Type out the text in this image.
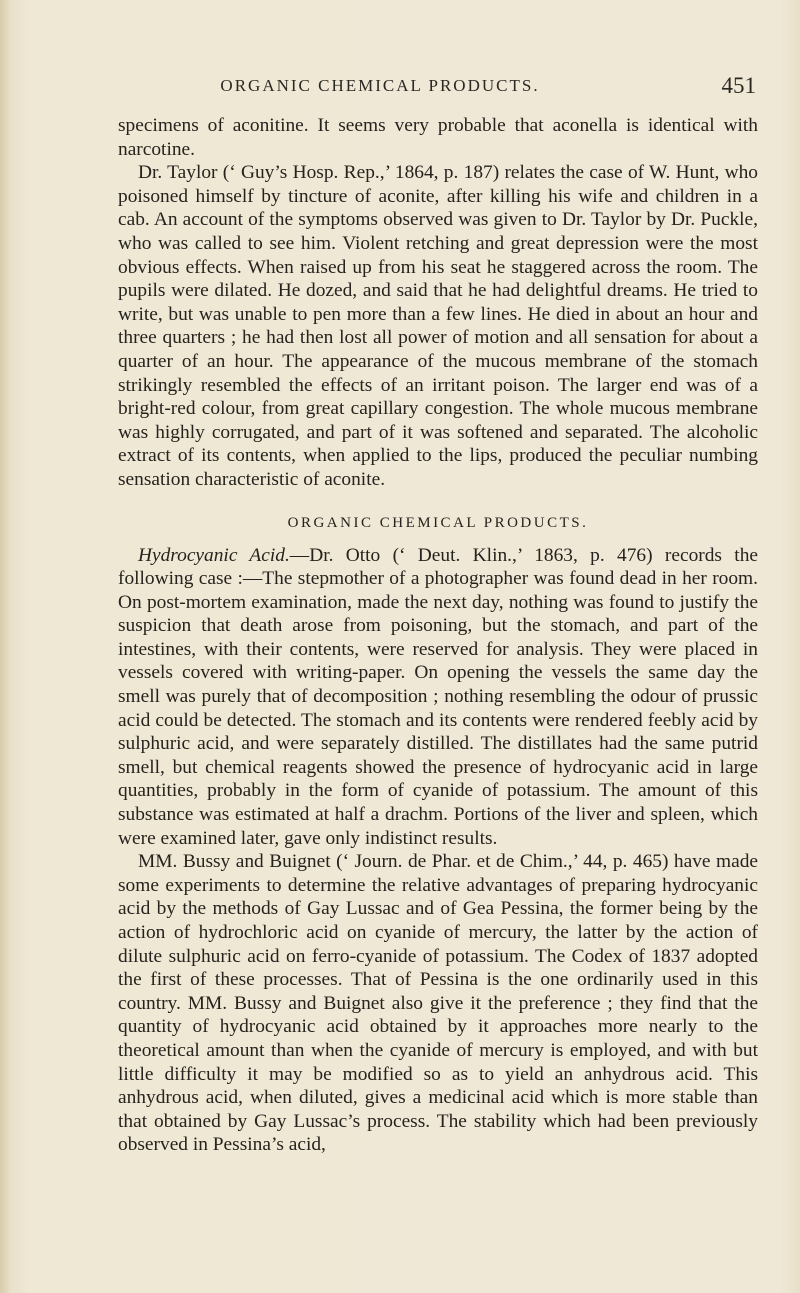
ORGANIC CHEMICAL PRODUCTS.	451

specimens of aconitine. It seems very probable that aconella is identical with narcotine.

Dr. Taylor (‘ Guy’s Hosp. Rep.,’ 1864, p. 187) relates the case of W. Hunt, who poisoned himself by tincture of aconite, after killing his wife and children in a cab. An account of the symptoms observed was given to Dr. Taylor by Dr. Puckle, who was called to see him. Violent retching and great depression were the most obvious effects. When raised up from his seat he staggered across the room. The pupils were dilated. He dozed, and said that he had delightful dreams. He tried to write, but was unable to pen more than a few lines. He died in about an hour and three quarters ; he had then lost all power of motion and all sensation for about a quarter of an hour. The appearance of the mucous membrane of the stomach strikingly resembled the effects of an irritant poison. The larger end was of a bright-red colour, from great capillary congestion. The whole mucous membrane was highly corrugated, and part of it was softened and separated. The alcoholic extract of its contents, when applied to the lips, produced the peculiar numbing sensation characteristic of aconite.

ORGANIC CHEMICAL PRODUCTS.

Hydrocyanic Acid.—Dr. Otto (‘ Deut. Klin.,’ 1863, p. 476) records the following case :—The stepmother of a photographer was found dead in her room. On post-mortem examination, made the next day, nothing was found to justify the suspicion that death arose from poisoning, but the stomach, and part of the intestines, with their contents, were reserved for analysis. They were placed in vessels covered with writing-paper. On opening the vessels the same day the smell was purely that of decomposition ; nothing resembling the odour of prussic acid could be detected. The stomach and its contents were rendered feebly acid by sulphuric acid, and were separately distilled. The distillates had the same putrid smell, but chemical reagents showed the presence of hydrocyanic acid in large quantities, probably in the form of cyanide of potassium. The amount of this substance was estimated at half a drachm. Portions of the liver and spleen, which were examined later, gave only indistinct results.

MM. Bussy and Buignet (‘ Journ. de Phar. et de Chim.,’ 44, p. 465) have made some experiments to determine the relative advantages of preparing hydrocyanic acid by the methods of Gay Lussac and of Gea Pessina, the former being by the action of hydrochloric acid on cyanide of mercury, the latter by the action of dilute sulphuric acid on ferro-cyanide of potassium. The Codex of 1837 adopted the first of these processes. That of Pessina is the one ordinarily used in this country. MM. Bussy and Buignet also give it the preference ; they find that the quantity of hydrocyanic acid obtained by it approaches more nearly to the theoretical amount than when the cyanide of mercury is employed, and with but little difficulty it may be modified so as to yield an anhydrous acid. This anhydrous acid, when diluted, gives a medicinal acid which is more stable than that obtained by Gay Lussac’s process. The stability which had been previously observed in Pessina’s acid,
